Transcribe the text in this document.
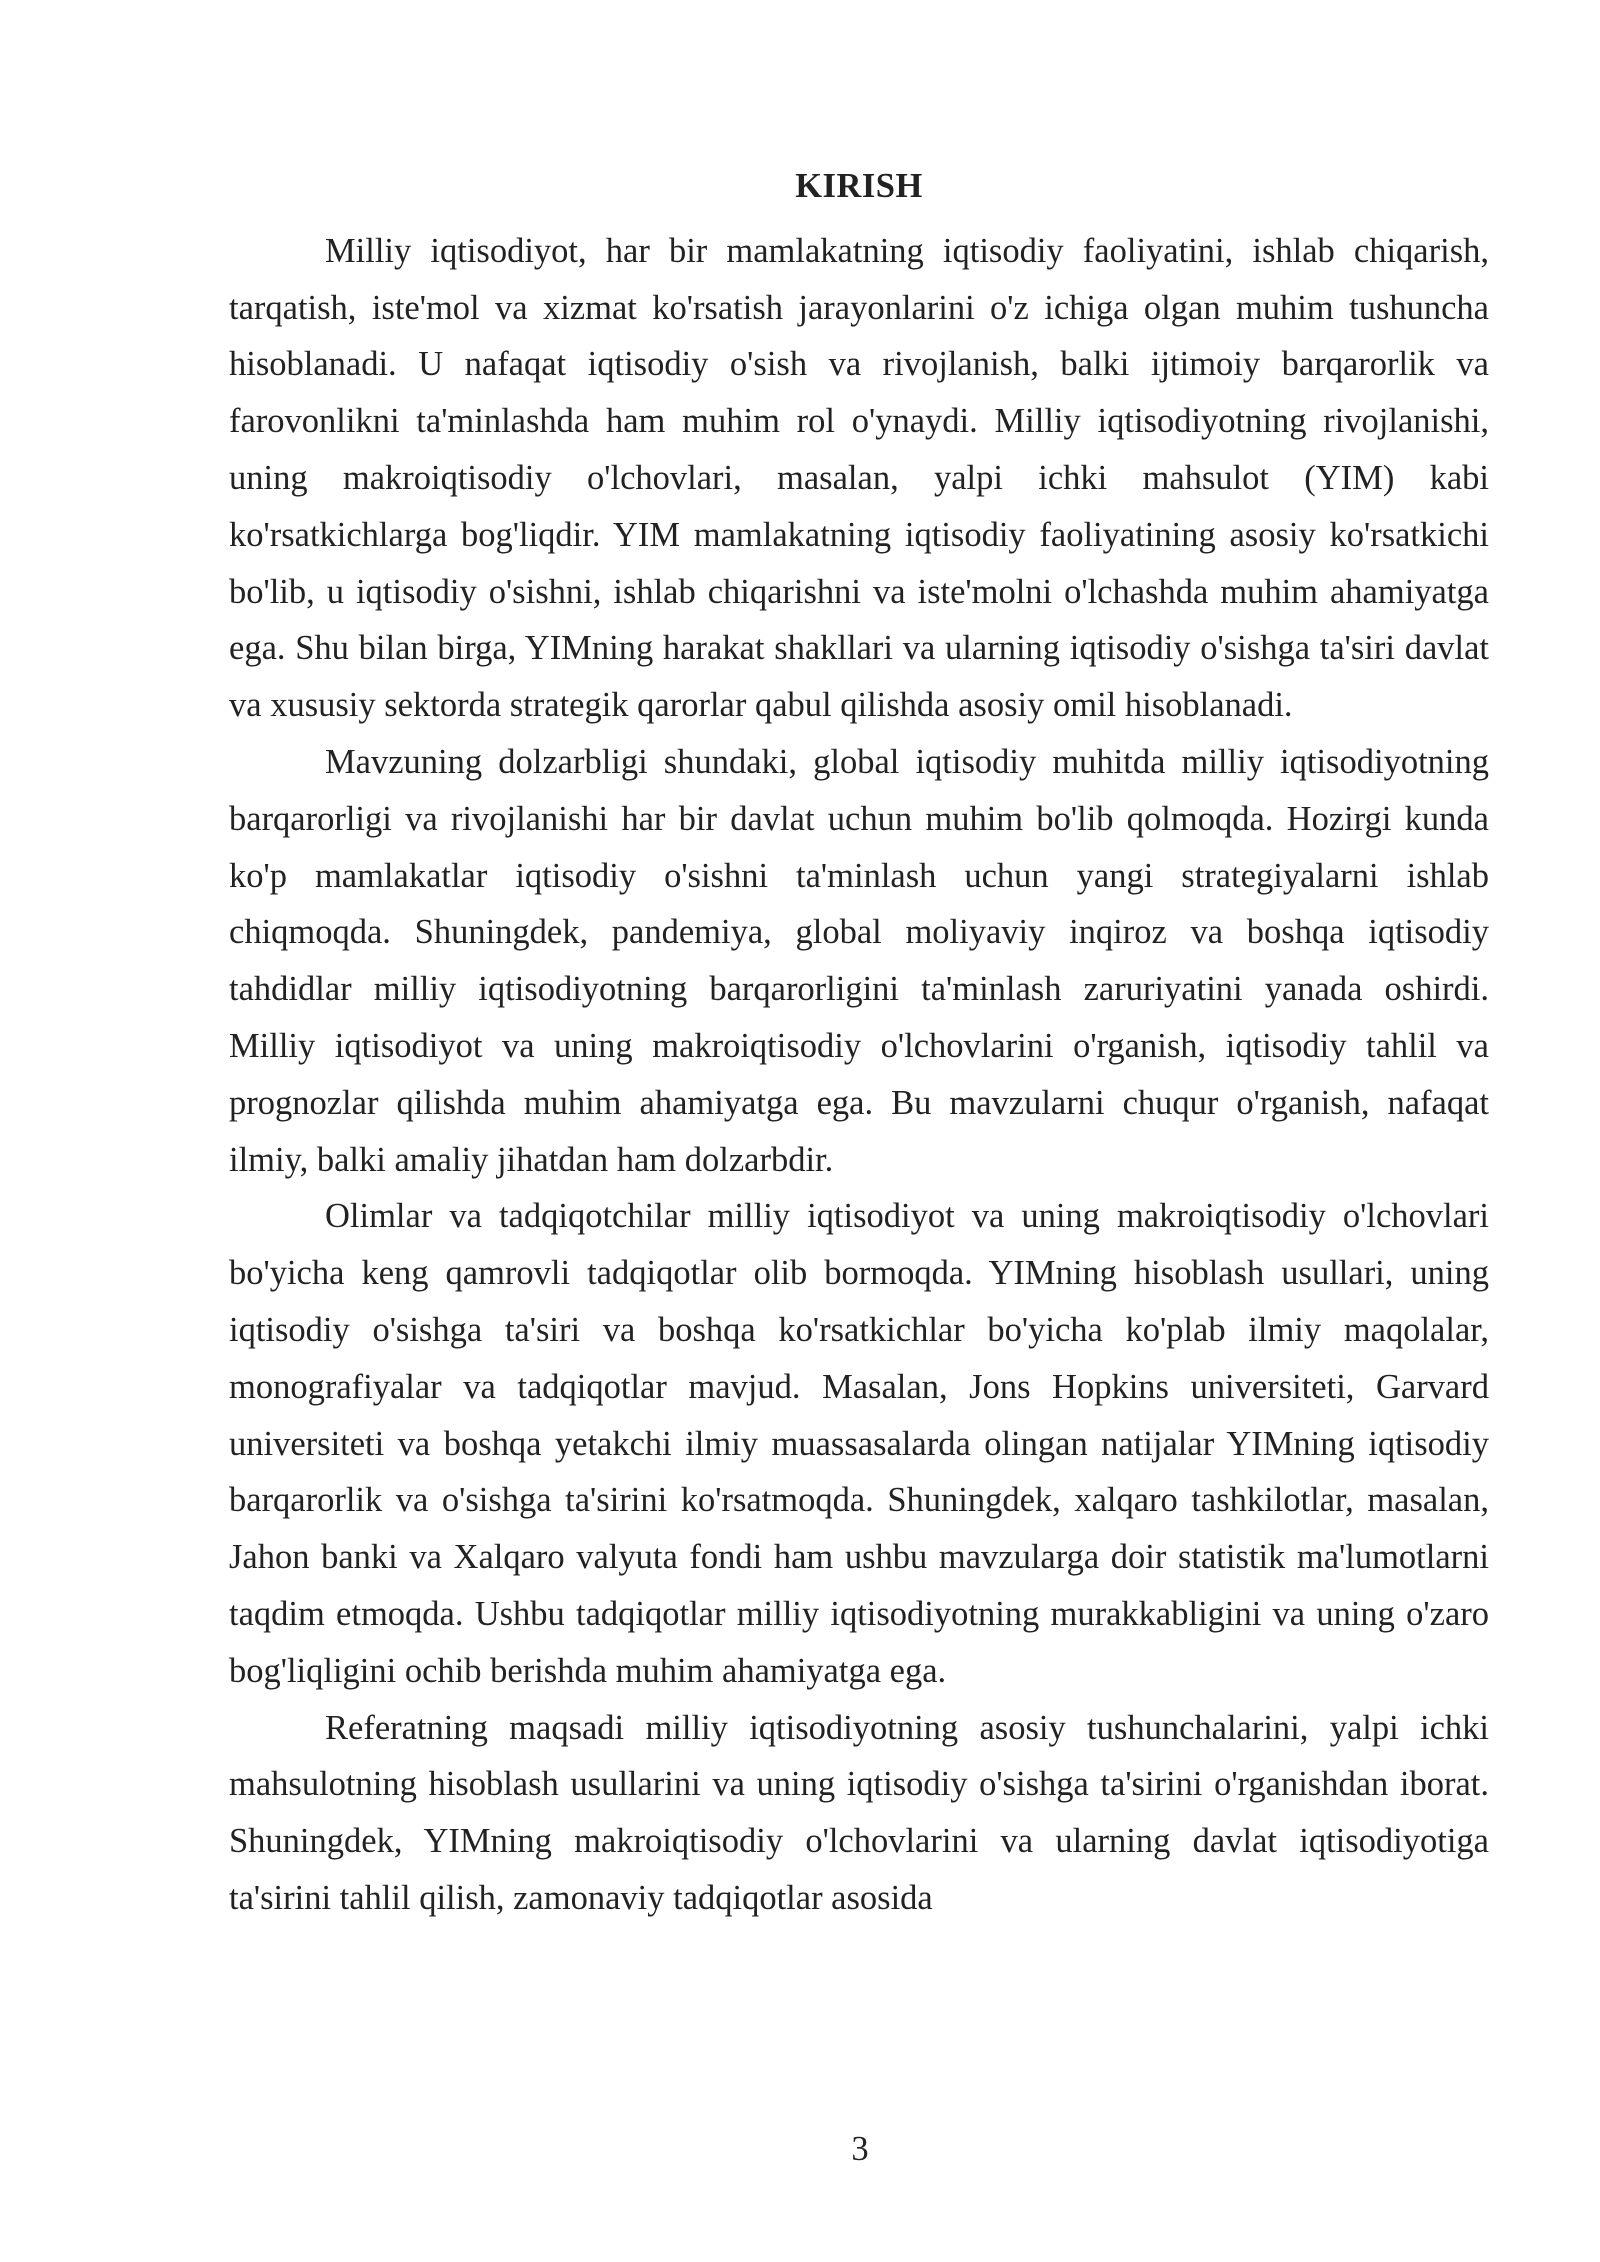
KIRISH

Milliy iqtisodiyot, har bir mamlakatning iqtisodiy faoliyatini, ishlab chiqarish, tarqatish, iste'mol va xizmat ko'rsatish jarayonlarini o'z ichiga olgan muhim tushuncha hisoblanadi. U nafaqat iqtisodiy o'sish va rivojlanish, balki ijtimoiy barqarorlik va farovonlikni ta'minlashda ham muhim rol o'ynaydi. Milliy iqtisodiyotning rivojlanishi, uning makroiqtisodiy o'lchovlari, masalan, yalpi ichki mahsulot (YIM) kabi ko'rsatkichlarga bog'liqdir. YIM mamlakatning iqtisodiy faoliyatining asosiy ko'rsatkichi bo'lib, u iqtisodiy o'sishni, ishlab chiqarishni va iste'molni o'lchashda muhim ahamiyatga ega. Shu bilan birga, YIMning harakat shakllari va ularning iqtisodiy o'sishga ta'siri davlat va xususiy sektorda strategik qarorlar qabul qilishda asosiy omil hisoblanadi.

Mavzuning dolzarbligi shundaki, global iqtisodiy muhitda milliy iqtisodiyotning barqarorligi va rivojlanishi har bir davlat uchun muhim bo'lib qolmoqda. Hozirgi kunda ko'p mamlakatlar iqtisodiy o'sishni ta'minlash uchun yangi strategiyalarni ishlab chiqmoqda. Shuningdek, pandemiya, global moliyaviy inqiroz va boshqa iqtisodiy tahdidlar milliy iqtisodiyotning barqarorligini ta'minlash zaruriyatini yanada oshirdi. Milliy iqtisodiyot va uning makroiqtisodiy o'lchovlarini o'rganish, iqtisodiy tahlil va prognozlar qilishda muhim ahamiyatga ega. Bu mavzularni chuqur o'rganish, nafaqat ilmiy, balki amaliy jihatdan ham dolzarbdir.

Olimlar va tadqiqotchilar milliy iqtisodiyot va uning makroiqtisodiy o'lchovlari bo'yicha keng qamrovli tadqiqotlar olib bormoqda. YIMning hisoblash usullari, uning iqtisodiy o'sishga ta'siri va boshqa ko'rsatkichlar bo'yicha ko'plab ilmiy maqolalar, monografiyalar va tadqiqotlar mavjud. Masalan, Jons Hopkins universiteti, Garvard universiteti va boshqa yetakchi ilmiy muassasalarda olingan natijalar YIMning iqtisodiy barqarorlik va o'sishga ta'sirini ko'rsatmoqda. Shuningdek, xalqaro tashkilotlar, masalan, Jahon banki va Xalqaro valyuta fondi ham ushbu mavzularga doir statistik ma'lumotlarni taqdim etmoqda. Ushbu tadqiqotlar milliy iqtisodiyotning murakkabligini va uning o'zaro bog'liqligini ochib berishda muhim ahamiyatga ega.

Referatning maqsadi milliy iqtisodiyotning asosiy tushunchalarini, yalpi ichki mahsulotning hisoblash usullarini va uning iqtisodiy o'sishga ta'sirini o'rganishdan iborat. Shuningdek, YIMning makroiqtisodiy o'lchovlarini va ularning davlat iqtisodiyotiga ta'sirini tahlil qilish, zamonaviy tadqiqotlar asosida

3
